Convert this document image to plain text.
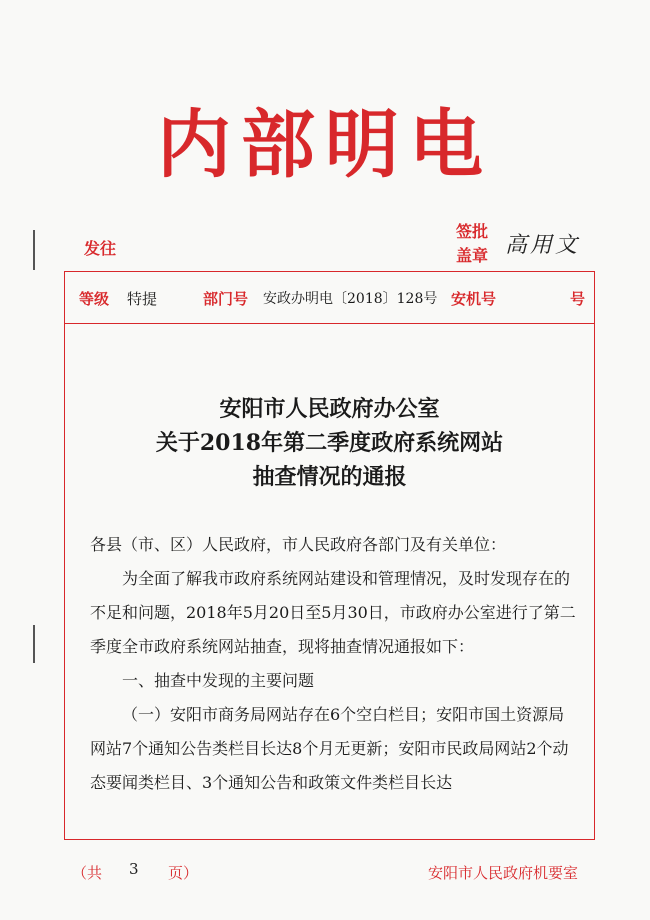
内部明电
发往
签批
盖章 高用文
等级 特提	部门号 安政办明电〔2018〕128号 安机号	号
安阳市人民政府办公室
关于2018年第二季度政府系统网站
抽查情况的通报

各县（市、区）人民政府，市人民政府各部门及有关单位：

为全面了解我市政府系统网站建设和管理情况，及时发现存在的不足和问题，2018年5月20日至5月30日，市政府办公室进行了第二季度全市政府系统网站抽查，现将抽查情况通报如下：

一、抽查中发现的主要问题

（一）安阳市商务局网站存在6个空白栏目；安阳市国土资源局网站7个通知公告类栏目长达8个月无更新；安阳市民政局网站2个动态要闻类栏目、3个通知公告和政策文件类栏目长达

（共 3 页）	安阳市人民政府机要室
